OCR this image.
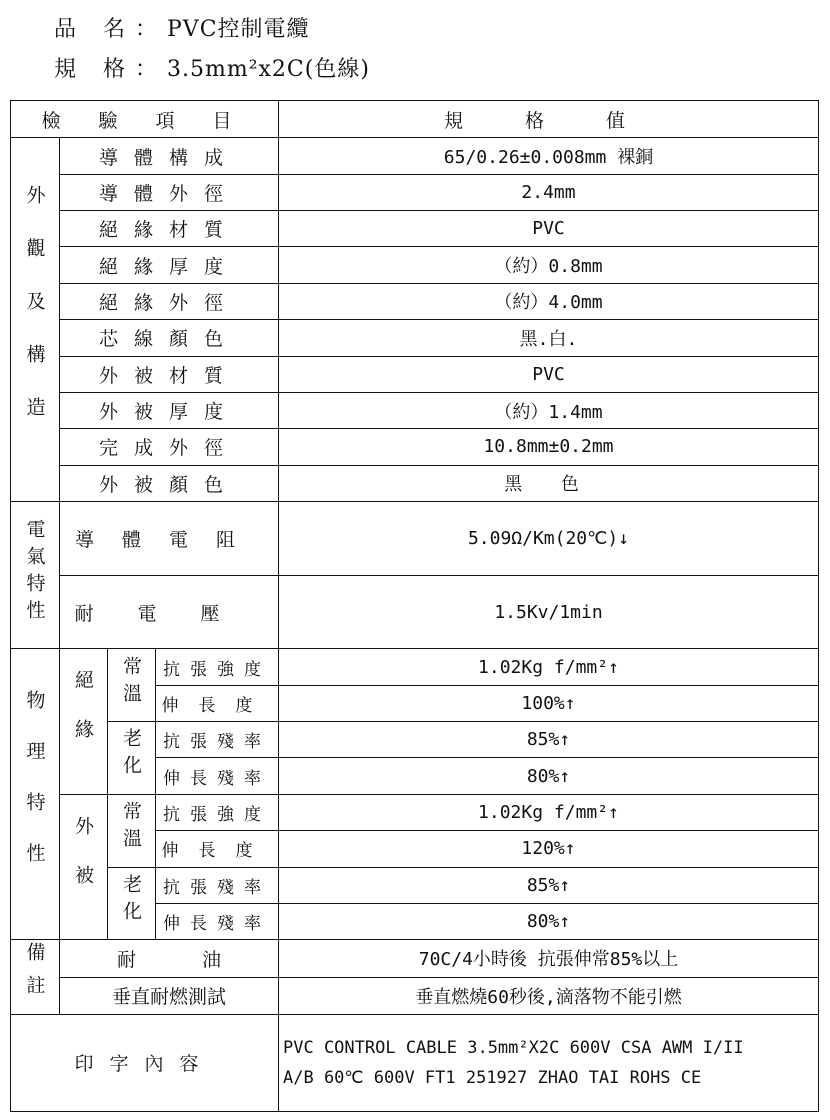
品 名：PVC控制電纜
規 格：3.5mm²x2C(色線)
檢 驗 項 目				規 格 值
外觀及構造	導體構成			65/0.26±0.008mm 裸銅
	導體外徑			2.4mm
	絕緣材質			PVC
	絕緣厚度			（約）0.8mm
	絕緣外徑			（約）4.0mm
	芯線顏色			黑.白.
	外被材質			PVC
	外被厚度			（約）1.4mm
	完成外徑			10.8mm±0.2mm
	外被顏色			黑 色
電氣特性	導體電阻			5.09Ω/Km(20℃)↓
	耐電壓			1.5Kv/1min
物理特性	絕緣	常溫	抗張強度	1.02Kg f/mm²↑
			伸長度	100%↑
		老化	抗張殘率	85%↑
			伸長殘率	80%↑
	外被	常溫	抗張強度	1.02Kg f/mm²↑
			伸長度	120%↑
		老化	抗張殘率	85%↑
			伸長殘率	80%↑
備註	耐 油			70C/4小時後 抗張伸常85%以上
	垂直耐燃測試			垂直燃燒60秒後,滴落物不能引燃
印字內容				PVC CONTROL CABLE 3.5mm²X2C 600V CSA AWM I/II
A/B 60℃ 600V FT1 251927 ZHAO TAI ROHS CE
